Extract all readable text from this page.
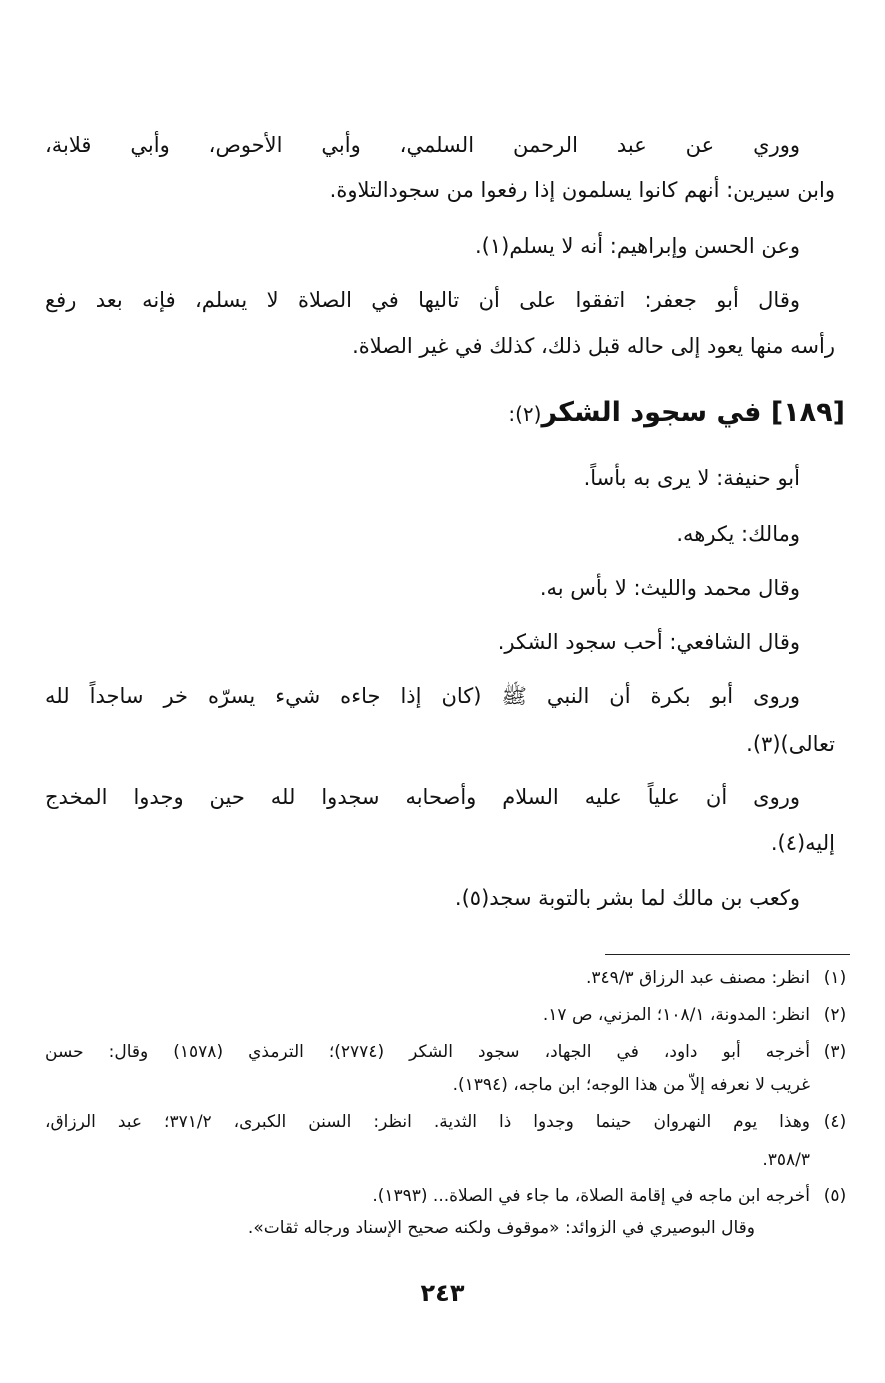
ووري عن عبد الرحمن السلمي، وأبي الأحوص، وأبي قلابة،
وابن سيرين: أنهم كانوا يسلمون إذا رفعوا من سجودالتلاوة.
وعن الحسن وإبراهيم: أنه لا يسلم(١).
وقال أبو جعفر: اتفقوا على أن تاليها في الصلاة لا يسلم، فإنه بعد رفع
رأسه منها يعود إلى حاله قبل ذلك، كذلك في غير الصلاة.
[١٨٩] في سجود الشكر(٢):
أبو حنيفة: لا يرى به بأساً.
ومالك: يكرهه.
وقال محمد والليث: لا بأس به.
وقال الشافعي: أحب سجود الشكر.
وروى أبو بكرة أن النبي ﷺ (كان إذا جاءه شيء يسرّه خر ساجداً لله
تعالى)(٣).
وروى أن علياً عليه السلام وأصحابه سجدوا لله حين وجدوا المخدج
إليه(٤).
وكعب بن مالك لما بشر بالتوبة سجد(٥).
(١)
انظر: مصنف عبد الرزاق ٣٤٩/٣.
(٢)
انظر: المدونة، ١٠٨/١؛ المزني، ص ١٧.
(٣)
أخرجه أبو داود، في الجهاد، سجود الشكر (٢٧٧٤)؛ الترمذي (١٥٧٨) وقال: حسن
غريب لا نعرفه إلاَّ من هذا الوجه؛ ابن ماجه، (١٣٩٤).
(٤)
وهذا يوم النهروان حينما وجدوا ذا الثدية. انظر: السنن الكبرى، ٣٧١/٢؛ عبد الرزاق،
٣٥٨/٣.
(٥)
أخرجه ابن ماجه في إقامة الصلاة، ما جاء في الصلاة... (١٣٩٣).
وقال البوصيري في الزوائد: «موقوف ولكنه صحيح الإسناد ورجاله ثقات».
٢٤٣
